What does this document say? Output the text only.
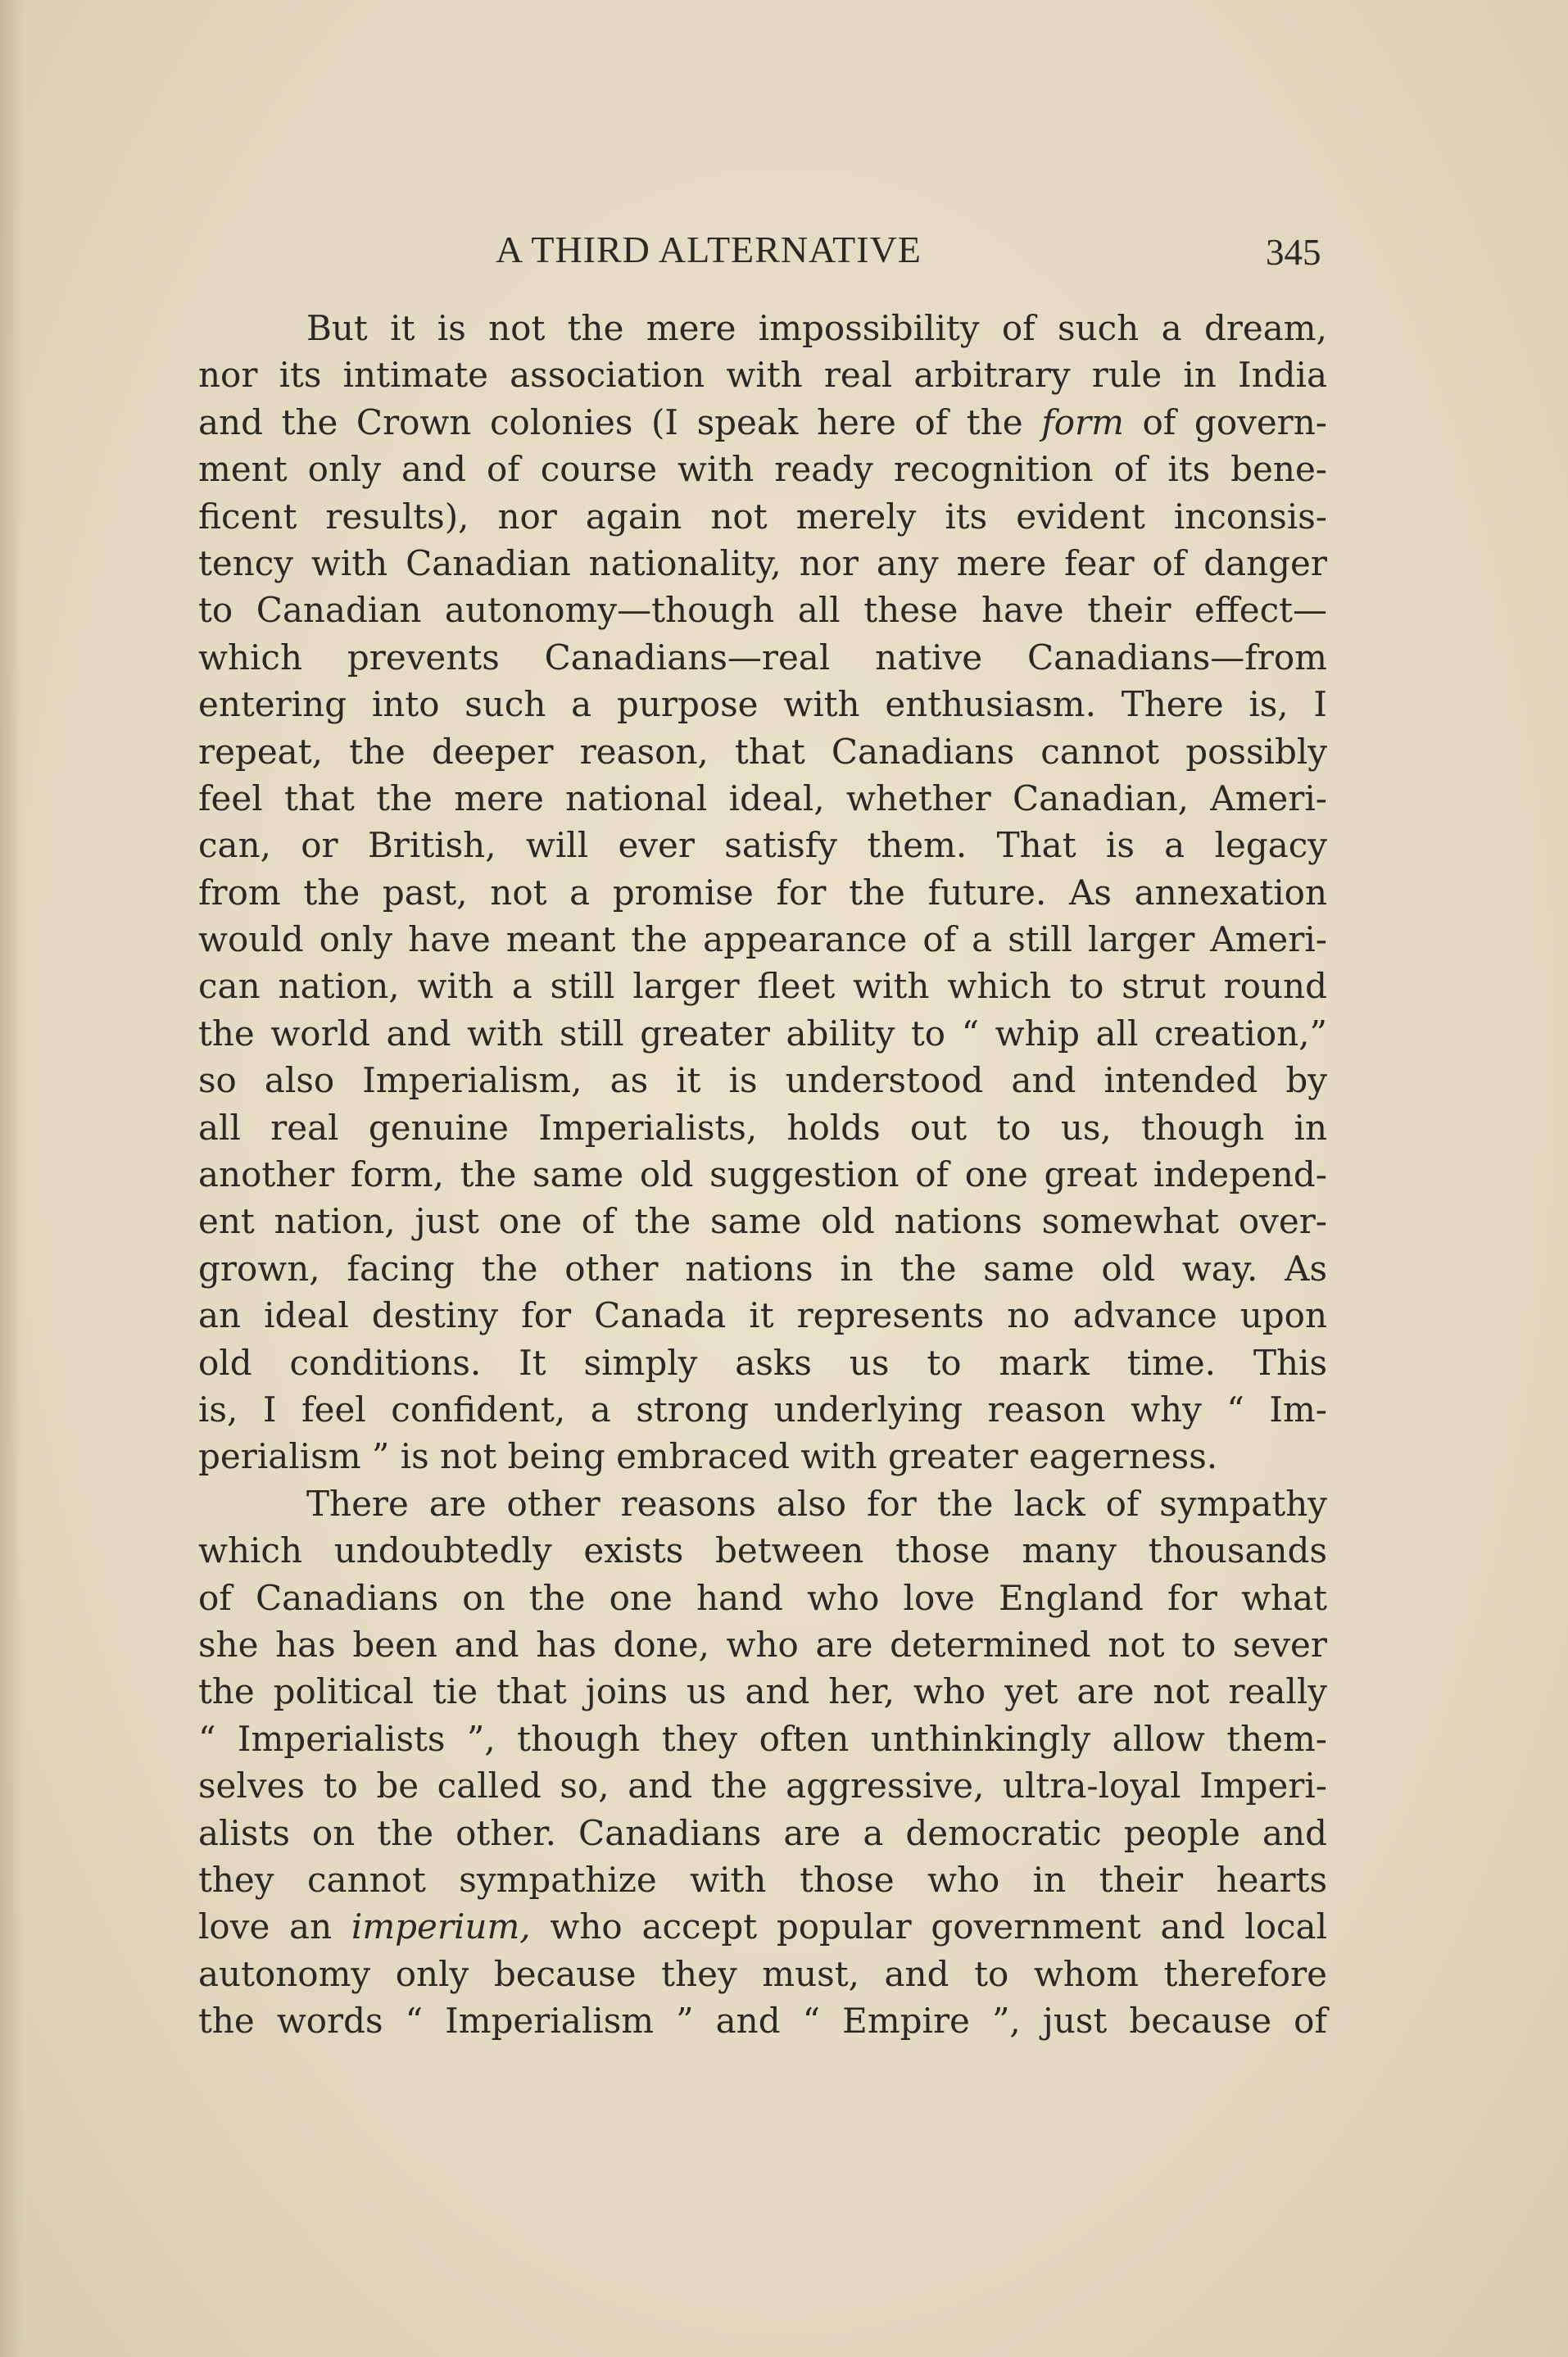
A THIRD ALTERNATIVE	345
But it is not the mere impossibility of such a dream,
nor its intimate association with real arbitrary rule in India
and the Crown colonies (I speak here of the form of govern-
ment only and of course with ready recognition of its bene-
ficent results), nor again not merely its evident inconsis-
tency with Canadian nationality, nor any mere fear of danger
to Canadian autonomy—though all these have their effect—
which prevents Canadians—real native Canadians—from
entering into such a purpose with enthusiasm. There is, I
repeat, the deeper reason, that Canadians cannot possibly
feel that the mere national ideal, whether Canadian, Ameri-
can, or British, will ever satisfy them. That is a legacy
from the past, not a promise for the future. As annexation
would only have meant the appearance of a still larger Ameri-
can nation, with a still larger fleet with which to strut round
the world and with still greater ability to “ whip all creation,”
so also Imperialism, as it is understood and intended by
all real genuine Imperialists, holds out to us, though in
another form, the same old suggestion of one great independ-
ent nation, just one of the same old nations somewhat over-
grown, facing the other nations in the same old way. As
an ideal destiny for Canada it represents no advance upon
old conditions. It simply asks us to mark time. This
is, I feel confident, a strong underlying reason why “ Im-
perialism ” is not being embraced with greater eagerness.
There are other reasons also for the lack of sympathy
which undoubtedly exists between those many thousands
of Canadians on the one hand who love England for what
she has been and has done, who are determined not to sever
the political tie that joins us and her, who yet are not really
“ Imperialists ”, though they often unthinkingly allow them-
selves to be called so, and the aggressive, ultra-loyal Imperi-
alists on the other. Canadians are a democratic people and
they cannot sympathize with those who in their hearts
love an imperium, who accept popular government and local
autonomy only because they must, and to whom therefore
the words “ Imperialism ” and “ Empire ”, just because of
